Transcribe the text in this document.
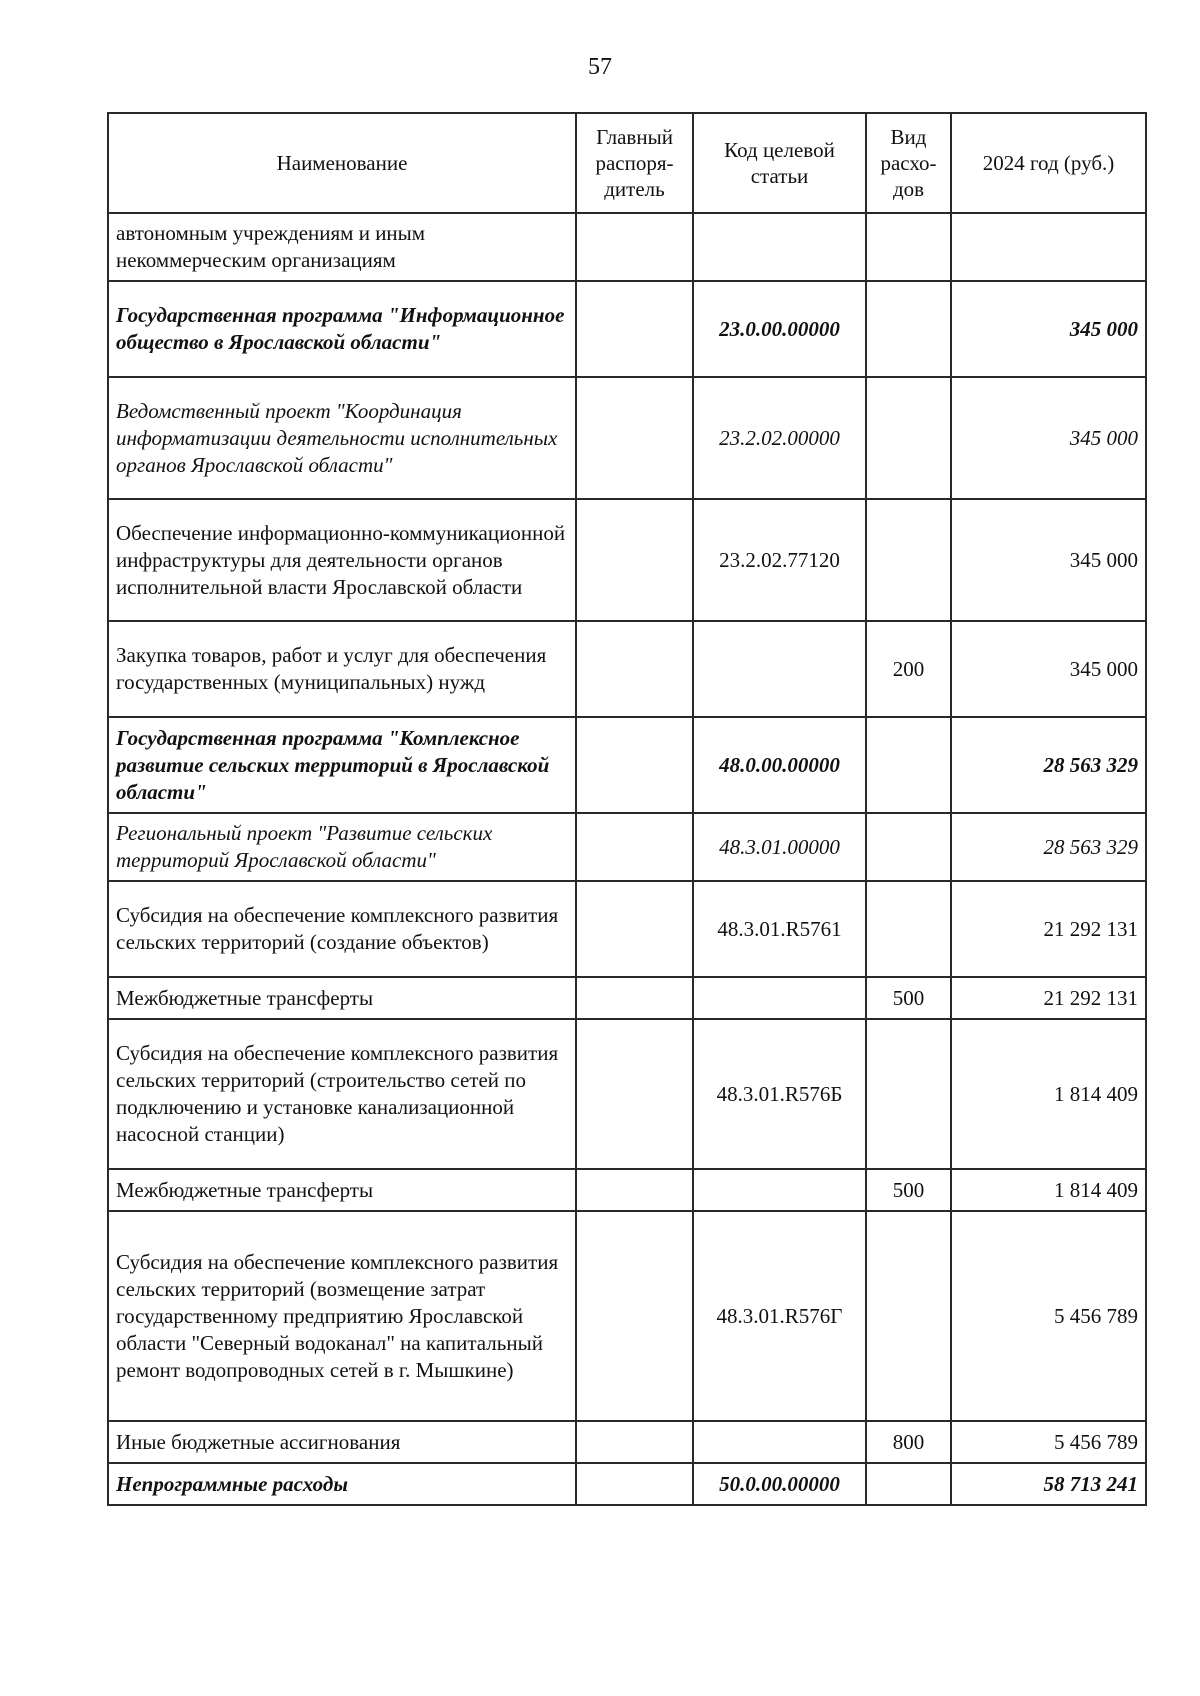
57
Наименование	Главный распоря-дитель	Код целевой статьи	Вид расхо-дов	2024 год (руб.)
автономным учреждениям и иным некоммерческим организациям				
Государственная программа "Информационное общество в Ярославской области"		23.0.00.00000		345 000
Ведомственный проект "Координация информатизации деятельности исполнительных органов Ярославской области"		23.2.02.00000		345 000
Обеспечение информационно-коммуникационной инфраструктуры для деятельности органов исполнительной власти Ярославской области		23.2.02.77120		345 000
Закупка товаров, работ и услуг для обеспечения государственных (муниципальных) нужд			200	345 000
Государственная программа "Комплексное развитие сельских территорий в Ярославской области"		48.0.00.00000		28 563 329
Региональный проект "Развитие сельских территорий Ярославской области"		48.3.01.00000		28 563 329
Субсидия на обеспечение комплексного развития сельских территорий (создание объектов)		48.3.01.R5761		21 292 131
Межбюджетные трансферты			500	21 292 131
Субсидия на обеспечение комплексного развития сельских территорий (строительство сетей по подключению и установке канализационной насосной станции)		48.3.01.R576Б		1 814 409
Межбюджетные трансферты			500	1 814 409
Субсидия на обеспечение комплексного развития сельских территорий (возмещение затрат государственному предприятию Ярославской области "Северный водоканал" на капитальный ремонт водопроводных сетей в г. Мышкине)		48.3.01.R576Г		5 456 789
Иные бюджетные ассигнования			800	5 456 789
Непрограммные расходы		50.0.00.00000		58 713 241
